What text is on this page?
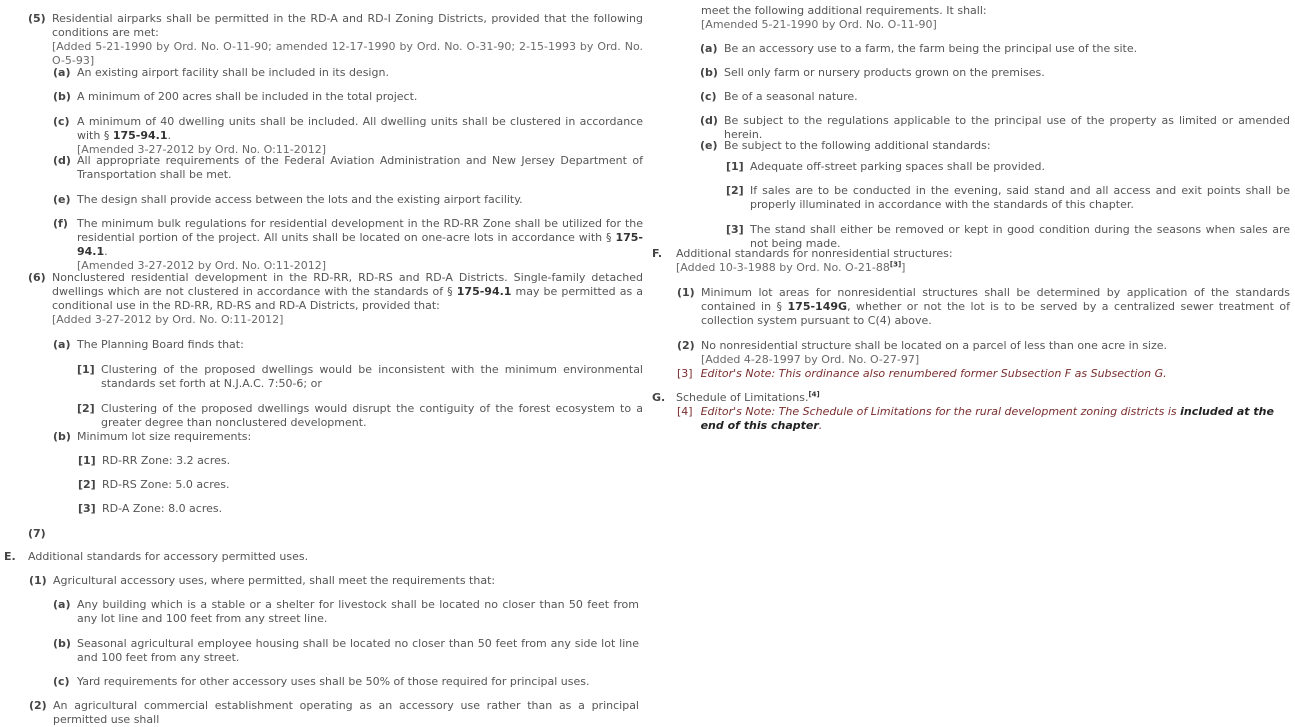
(5) Residential airparks shall be permitted in the RD-A and RD-I Zoning Districts, provided that the following conditions are met:
[Added 5-21-1990 by Ord. No. O-11-90; amended 12-17-1990 by Ord. No. O-31-90; 2-15-1993 by Ord. No. O-5-93]
(a) An existing airport facility shall be included in its design.
(b) A minimum of 200 acres shall be included in the total project.
(c) A minimum of 40 dwelling units shall be included. All dwelling units shall be clustered in accordance with § 175-94.1.
[Amended 3-27-2012 by Ord. No. O:11-2012]
(d) All appropriate requirements of the Federal Aviation Administration and New Jersey Department of Transportation shall be met.
(e) The design shall provide access between the lots and the existing airport facility.
(f) The minimum bulk regulations for residential development in the RD-RR Zone shall be utilized for the residential portion of the project. All units shall be located on one-acre lots in accordance with § 175-94.1.
[Amended 3-27-2012 by Ord. No. O:11-2012]
(6) Nonclustered residential development in the RD-RR, RD-RS and RD-A Districts. Single-family detached dwellings which are not clustered in accordance with the standards of § 175-94.1 may be permitted as a conditional use in the RD-RR, RD-RS and RD-A Districts, provided that:
[Added 3-27-2012 by Ord. No. O:11-2012]
(a) The Planning Board finds that:
[1] Clustering of the proposed dwellings would be inconsistent with the minimum environmental standards set forth at N.J.A.C. 7:50-6; or
[2] Clustering of the proposed dwellings would disrupt the contiguity of the forest ecosystem to a greater degree than nonclustered development.
(b) Minimum lot size requirements:
[1] RD-RR Zone: 3.2 acres.
[2] RD-RS Zone: 5.0 acres.
[3] RD-A Zone: 8.0 acres.
(7)
E.	Additional standards for accessory permitted uses.
(1) Agricultural accessory uses, where permitted, shall meet the requirements that:
(a) Any building which is a stable or a shelter for livestock shall be located no closer than 50 feet from any lot line and 100 feet from any street line.
(b) Seasonal agricultural employee housing shall be located no closer than 50 feet from any side lot line and 100 feet from any street.
(c) Yard requirements for other accessory uses shall be 50% of those required for principal uses.
(2) An agricultural commercial establishment operating as an accessory use rather than as a principal permitted use shall
meet the following additional requirements. It shall:
[Amended 5-21-1990 by Ord. No. O-11-90]
(a) Be an accessory use to a farm, the farm being the principal use of the site.
(b) Sell only farm or nursery products grown on the premises.
(c) Be of a seasonal nature.
(d) Be subject to the regulations applicable to the principal use of the property as limited or amended herein.
(e) Be subject to the following additional standards:
[1] Adequate off-street parking spaces shall be provided.
[2] If sales are to be conducted in the evening, said stand and all access and exit points shall be properly illuminated in accordance with the standards of this chapter.
[3] The stand shall either be removed or kept in good condition during the seasons when sales are not being made.
F.	Additional standards for nonresidential structures:
[Added 10-3-1988 by Ord. No. O-21-88[3]]
(1) Minimum lot areas for nonresidential structures shall be determined by application of the standards contained in § 175-149G, whether or not the lot is to be served by a centralized sewer treatment of collection system pursuant to C(4) above.
(2) No nonresidential structure shall be located on a parcel of less than one acre in size.
[Added 4-28-1997 by Ord. No. O-27-97]
[3] Editor's Note: This ordinance also renumbered former Subsection F as Subsection G.
G. Schedule of Limitations.[4]
[4] Editor's Note: The Schedule of Limitations for the rural development zoning districts is included at the end of this chapter.
